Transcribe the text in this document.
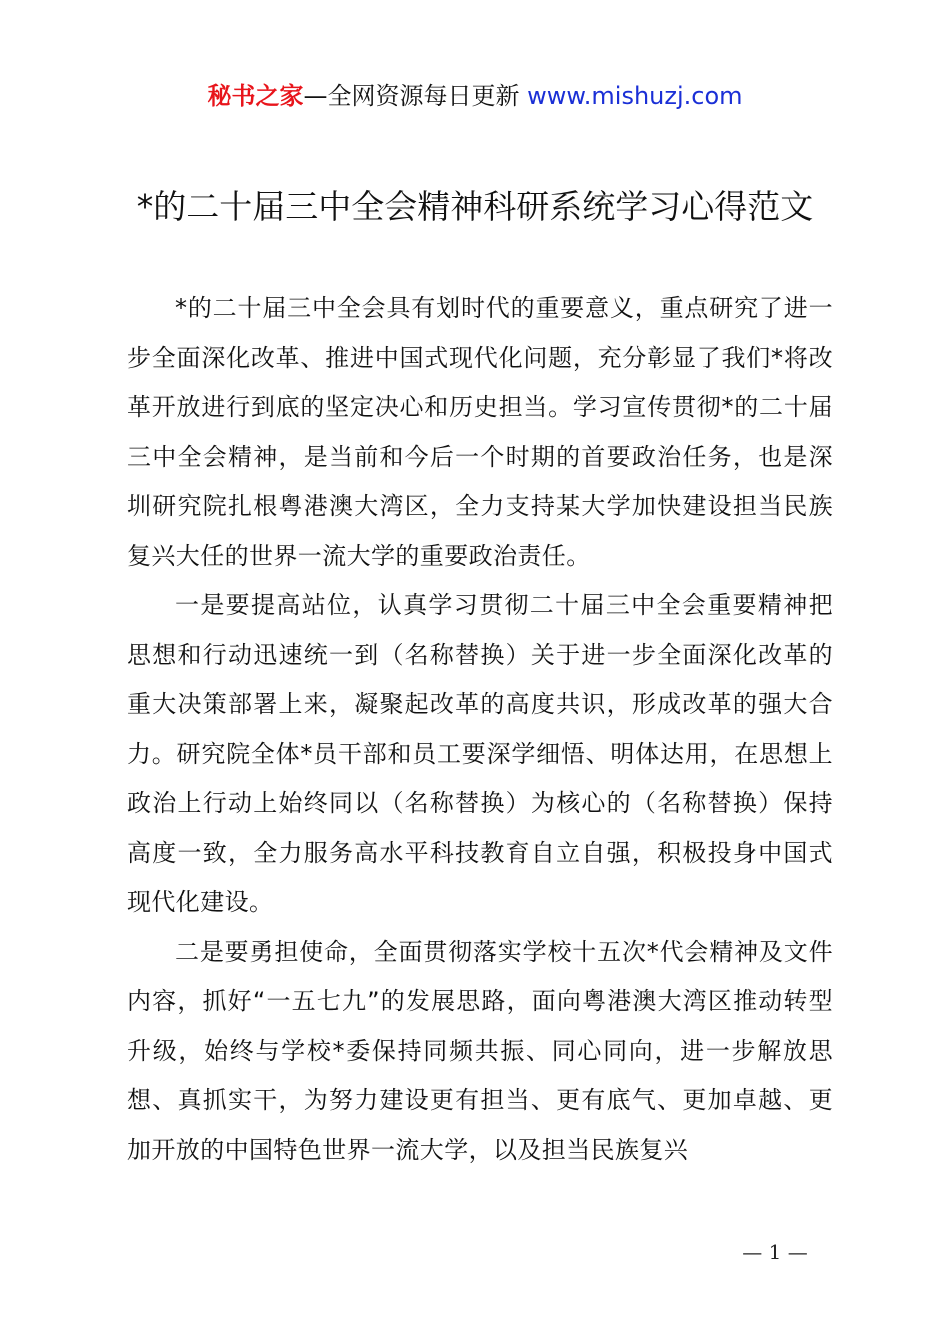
秘书之家—全网资源每日更新 www.mishuzj.com
*的二十届三中全会精神科研系统学习心得范文

*的二十届三中全会具有划时代的重要意义，重点研究了进一步全面深化改革、推进中国式现代化问题，充分彰显了我们*将改革开放进行到底的坚定决心和历史担当。学习宣传贯彻*的二十届三中全会精神，是当前和今后一个时期的首要政治任务，也是深圳研究院扎根粤港澳大湾区，全力支持某大学加快建设担当民族复兴大任的世界一流大学的重要政治责任。

一是要提高站位，认真学习贯彻二十届三中全会重要精神把思想和行动迅速统一到（名称替换）关于进一步全面深化改革的重大决策部署上来，凝聚起改革的高度共识，形成改革的强大合力。研究院全体*员干部和员工要深学细悟、明体达用，在思想上政治上行动上始终同以（名称替换）为核心的（名称替换）保持高度一致，全力服务高水平科技教育自立自强，积极投身中国式现代化建设。

二是要勇担使命，全面贯彻落实学校十五次*代会精神及文件内容，抓好“一五七九”的发展思路，面向粤港澳大湾区推动转型升级，始终与学校*委保持同频共振、同心同向，进一步解放思想、真抓实干，为努力建设更有担当、更有底气、更加卓越、更加开放的中国特色世界一流大学，以及担当民族复兴

— 1 —
